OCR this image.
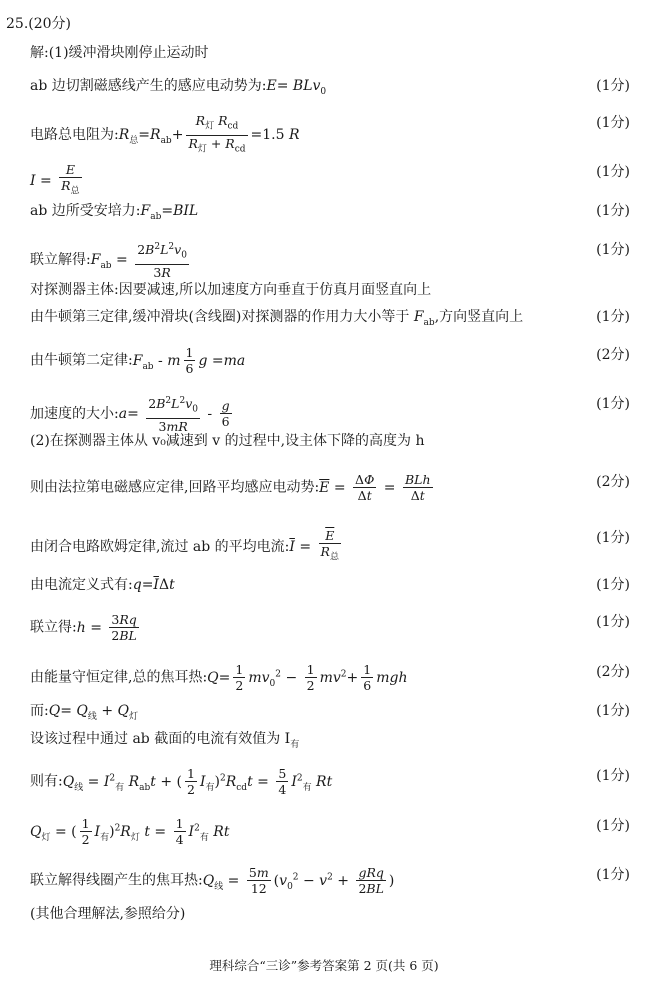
25.(20分)
解:(1)缓冲滑块刚停止运动时
ab 边切割磁感线产生的感应电动势为:E= BLv$_0$	(1分)
电路总电阻为$:R_总=R_{ab}+ \frac{R_灯 R_{cd}}{R_灯 + R_{cd}} =1.5$ R
(1分)
$I = \frac{E}{R_总}$	(1分)
ab 边所受安培力$:F_{ab}=BIL$	(1分)
联立解得$:F_{ab} = \frac{2B^2L^2v_0}{3R}$	(1分)
对探测器主体:因要减速,所以加速度方向垂直于仿真月面竖直向上
由牛顿第三定律,缓冲滑块(含线圈)对探测器的作用力大小等于 $F_{ab}$,方向竖直向上	(1分)
由牛顿第二定律$:F_{ab}$ - m $\frac{1}{6}$ g =ma	(2分)
加速度的大小:a= $\frac{2B^2L^2v_0}{3mR} - \frac{g}{6}$	(1分)
(2)在探测器主体从 v₀减速到 v 的过程中,设主体下降的高度为 h
则由法拉第电磁感应定律,回路平均感应电动势$:\overline{E} = \frac{\Delta\Phi}{\Delta t} = \frac{\text{BLh}}{\Delta t}$	(2分)
由闭合电路欧姆定律,流过 ab 的平均电流$:\overline{I} = \frac{\overline{E}}{R_总}$	(1分)
由电流定义式有$:q=\overline{I}\Delta t$	(1分)
联立得:h = $\frac{3Rq}{2BL}$	(1分)
由能量守恒定律,总的焦耳热:Q= $\frac{1}{2} mv_0^2 - \frac{1}{2} mv^2+ \frac{1}{6}$ mgh	(2分)
而:Q= $Q_线 + Q_灯$	(1分)
设该过程中通过 ab 截面的电流有效值为 $I_有$
则有$:Q_线 = I^2_有$ $R_{ab}t$ + ( $\frac{1}{2} I_有)^2R_{cd}t = \frac{5}{4} I^2_有$ Rt	(1分)
$Q_灯$ = ( $\frac{1}{2} I_有)^2R_灯$ $t = \frac{1}{4} I^2_有$ Rt	(1分)
联立解得线圈产生的焦耳热$:Q_线 = \frac{5m}{12} (v_0^2 - v^2 + \frac{\text{gRq}}{2BL}$ )	(1分)
(其他合理解法,参照给分)
理科综合“三诊”参考答案第 2 页(共 6 页)
